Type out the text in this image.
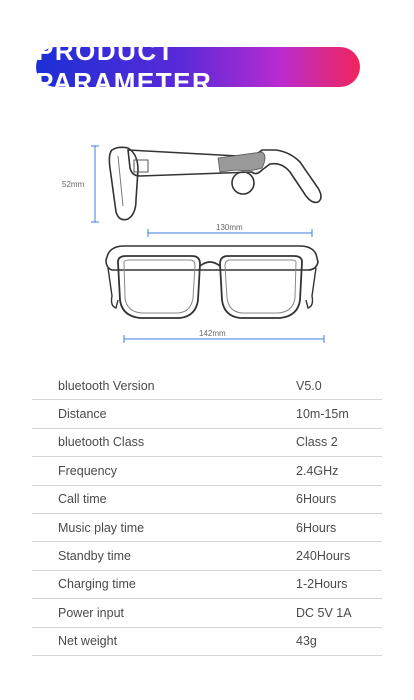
PRODUCT PARAMETER
52mm
130mm
142mm
bluetooth Version	V5.0
Distance	10m-15m
bluetooth Class	Class 2
Frequency	2.4GHz
Call time	6Hours
Music play time	6Hours
Standby time	240Hours
Charging time	1-2Hours
Power input	DC 5V 1A
Net weight	43g
